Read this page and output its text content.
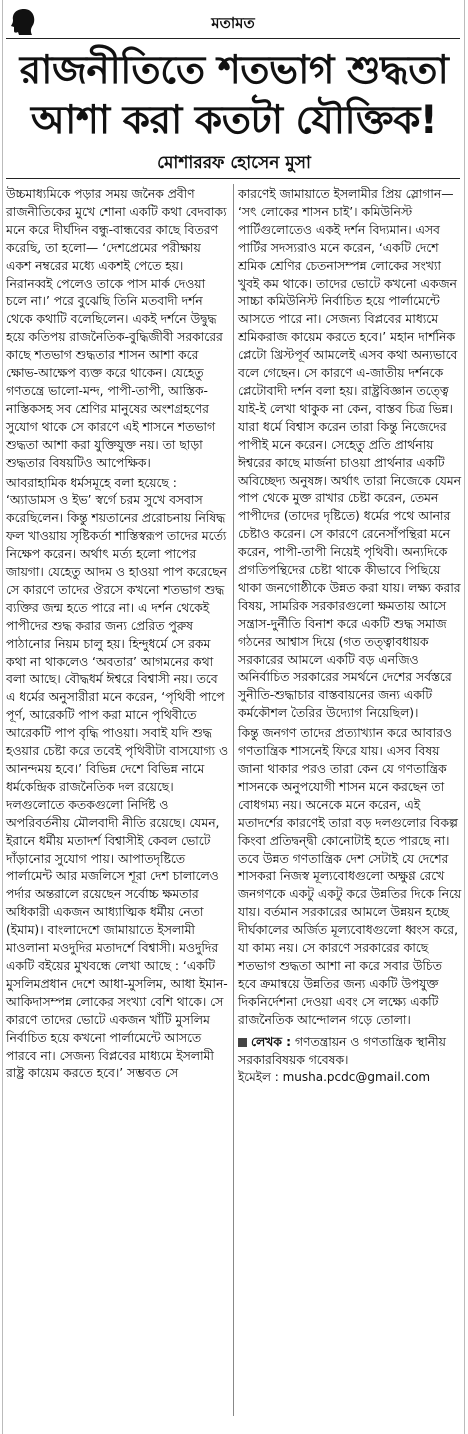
মতামত
রাজনীতিতে শতভাগ শুদ্ধতা
আশা করা কতটা যৌক্তিক!
মোশাররফ হোসেন মুসা

উচ্চমাধ্যমিকে পড়ার সময় জনৈক প্রবীণ রাজনীতিকের মুখে শোনা একটি কথা বেদবাক্য মনে করে দীর্ঘদিন বন্ধু-বান্ধবের কাছে বিতরণ করেছি, তা হলো— ‘দেশপ্রেমের পরীক্ষায় একশ নম্বরের মধ্যে একশই পেতে হয়। নিরানব্বই পেলেও তাকে পাস মার্ক দেওয়া চলে না।’ পরে বুঝেছি তিনি মতবাদী দর্শন থেকে কথাটি বলেছিলেন। একই দর্শনে উদ্বুদ্ধ হয়ে কতিপয় রাজনৈতিক-বুদ্ধিজীবী সরকারের কাছে শতভাগ শুদ্ধতার শাসন আশা করে ক্ষোভ-আক্ষেপ ব্যক্ত করে থাকেন। যেহেতু গণতন্ত্রে ভালো-মন্দ, পাপী-তাপী, আস্তিক-নাস্তিকসহ সব শ্রেণির মানুষের অংশগ্রহণের সুযোগ থাকে সে কারণে এই শাসনে শতভাগ শুদ্ধতা আশা করা যুক্তিযুক্ত নয়। তা ছাড়া শুদ্ধতার বিষয়টিও আপেক্ষিক।

আবরাহামিক ধর্মসমূহে বলা হয়েছে : ‘অ্যাডামস ও ইভ’ স্বর্গে চরম সুখে বসবাস করেছিলেন। কিন্তু শয়তানের প্ররোচনায় নিষিদ্ধ ফল খাওয়ায় সৃষ্টিকর্তা শাস্তিস্বরূপ তাদের মর্ত্যে নিক্ষেপ করেন। অর্থাৎ মর্ত্য হলো পাপের জায়গা। যেহেতু আদম ও হাওয়া পাপ করেছেন সে কারণে তাদের ঔরসে কখনো শতভাগ শুদ্ধ ব্যক্তির জন্ম হতে পারে না। এ দর্শন থেকেই পাপীদের শুদ্ধ করার জন্য প্রেরিত পুরুষ পাঠানোর নিয়ম চালু হয়। হিন্দুধর্মে সে রকম কথা না থাকলেও ‘অবতার’ আগমনের কথা বলা আছে। বৌদ্ধধর্ম ঈশ্বরে বিশ্বাসী নয়। তবে এ ধর্মের অনুসারীরা মনে করেন, ‘পৃথিবী পাপে পূর্ণ, আরেকটি পাপ করা মানে পৃথিবীতে আরেকটি পাপ বৃদ্ধি পাওয়া। সবাই যদি শুদ্ধ হওয়ার চেষ্টা করে তবেই পৃথিবীটা বাসযোগ্য ও আনন্দময় হবে।’ বিভিন্ন দেশে বিভিন্ন নামে ধর্মকেন্দ্রিক রাজনৈতিক দল রয়েছে। দলগুলোতে কতকগুলো নির্দিষ্ট ও অপরিবর্তনীয় মৌলবাদী নীতি রয়েছে। যেমন, ইরানে ধর্মীয় মতাদর্শ বিশ্বাসীই কেবল ভোটে দাঁড়ানোর সুযোগ পায়। আপাতদৃষ্টিতে পার্লামেন্ট আর মজলিসে শূরা দেশ চালালেও পর্দার অন্তরালে রয়েছেন সর্বোচ্চ ক্ষমতার অধিকারী একজন আধ্যাত্মিক ধর্মীয় নেতা (ইমাম)। বাংলাদেশে জামায়াতে ইসলামী মাওলানা মওদুদির মতাদর্শে বিশ্বাসী। মওদুদির একটি বইয়ের মুখবন্ধে লেখা আছে : ‘একটি মুসলিমপ্রধান দেশে আধা-মুসলিম, আধা ইমান-আকিদাসম্পন্ন লোকের সংখ্যা বেশি থাকে। সে কারণে তাদের ভোটে একজন খাঁটি মুসলিম নির্বাচিত হয়ে কখনো পার্লামেন্টে আসতে পারবে না। সেজন্য বিপ্লবের মাধ্যমে ইসলামী রাষ্ট্র কায়েম করতে হবে।’ সম্ভবত সে

কারণেই জামায়াতে ইসলামীর প্রিয় স্লোগান— ‘সৎ লোকের শাসন চাই’। কমিউনিস্ট পার্টিগুলোতেও একই দর্শন বিদ্যমান। এসব পার্টির সদস্যরাও মনে করেন, ‘একটি দেশে শ্রমিক শ্রেণির চেতনাসম্পন্ন লোকের সংখ্যা খুবই কম থাকে। তাদের ভোটে কখনো একজন সাচ্চা কমিউনিস্ট নির্বাচিত হয়ে পার্লামেন্টে আসতে পারে না। সেজন্য বিপ্লবের মাধ্যমে শ্রমিকরাজ কায়েম করতে হবে।’ মহান দার্শনিক প্লেটো খ্রিস্টপূর্ব আমলেই এসব কথা অন্যভাবে বলে গেছেন। সে কারণে এ-জাতীয় দর্শনকে প্লেটোবাদী দর্শন বলা হয়। রাষ্ট্রবিজ্ঞান তত্ত্বে যাই-ই লেখা থাকুক না কেন, বাস্তব চিত্র ভিন্ন। যারা ধর্মে বিশ্বাস করেন তারা কিন্তু নিজেদের পাপীই মনে করেন। সেহেতু প্রতি প্রার্থনায় ঈশ্বরের কাছে মার্জনা চাওয়া প্রার্থনার একটি অবিচ্ছেদ্য অনুষঙ্গ। অর্থাৎ তারা নিজেকে যেমন পাপ থেকে মুক্ত রাখার চেষ্টা করেন, তেমন পাপীদের (তাদের দৃষ্টিতে) ধর্মের পথে আনার চেষ্টাও করেন। সে কারণে রেনেসাঁপন্থিরা মনে করেন, পাপী-তাপী নিয়েই পৃথিবী। অন্যদিকে প্রগতিপন্থিদের চেষ্টা থাকে কীভাবে পিছিয়ে থাকা জনগোষ্ঠীকে উন্নত করা যায়। লক্ষ্য করার বিষয়, সামরিক সরকারগুলো ক্ষমতায় আসে সন্ত্রাস-দুর্নীতি বিনাশ করে একটি শুদ্ধ সমাজ গঠনের আশ্বাস দিয়ে (গত তত্ত্বাবধায়ক সরকারের আমলে একটি বড় এনজিও অনির্বাচিত সরকারের সমর্থনে দেশের সর্বস্তরে সুনীতি-শুদ্ধাচার বাস্তবায়নের জন্য একটি কর্মকৌশল তৈরির উদ্যোগ নিয়েছিল)।

কিন্তু জনগণ তাদের প্রত্যাখ্যান করে আবারও গণতান্ত্রিক শাসনেই ফিরে যায়। এসব বিষয় জানা থাকার পরও তারা কেন যে গণতান্ত্রিক শাসনকে অনুপযোগী শাসন মনে করছেন তা বোধগম্য নয়। অনেকে মনে করেন, এই মতাদর্শের কারণেই তারা বড় দলগুলোর বিকল্প কিংবা প্রতিদ্বন্দ্বী কোনোটাই হতে পারছে না। তবে উন্নত গণতান্ত্রিক দেশ সেটাই যে দেশের শাসকরা নিজস্ব মূল্যবোধগুলো অক্ষুণ্ণ রেখে জনগণকে একটু একটু করে উন্নতির দিকে নিয়ে যায়। বর্তমান সরকারের আমলে উন্নয়ন হচ্ছে দীর্ঘকালের অর্জিত মূল্যবোধগুলো ধ্বংস করে, যা কাম্য নয়। সে কারণে সরকারের কাছে শতভাগ শুদ্ধতা আশা না করে সবার উচিত হবে ক্রমান্বয়ে উন্নতির জন্য একটি উপযুক্ত দিকনির্দেশনা দেওয়া এবং সে লক্ষ্যে একটি রাজনৈতিক আন্দোলন গড়ে তোলা।

লেখক : গণতন্ত্রায়ন ও গণতান্ত্রিক স্থানীয় সরকারবিষয়ক গবেষক।
ইমেইল : musha.pcdc@gmail.com
